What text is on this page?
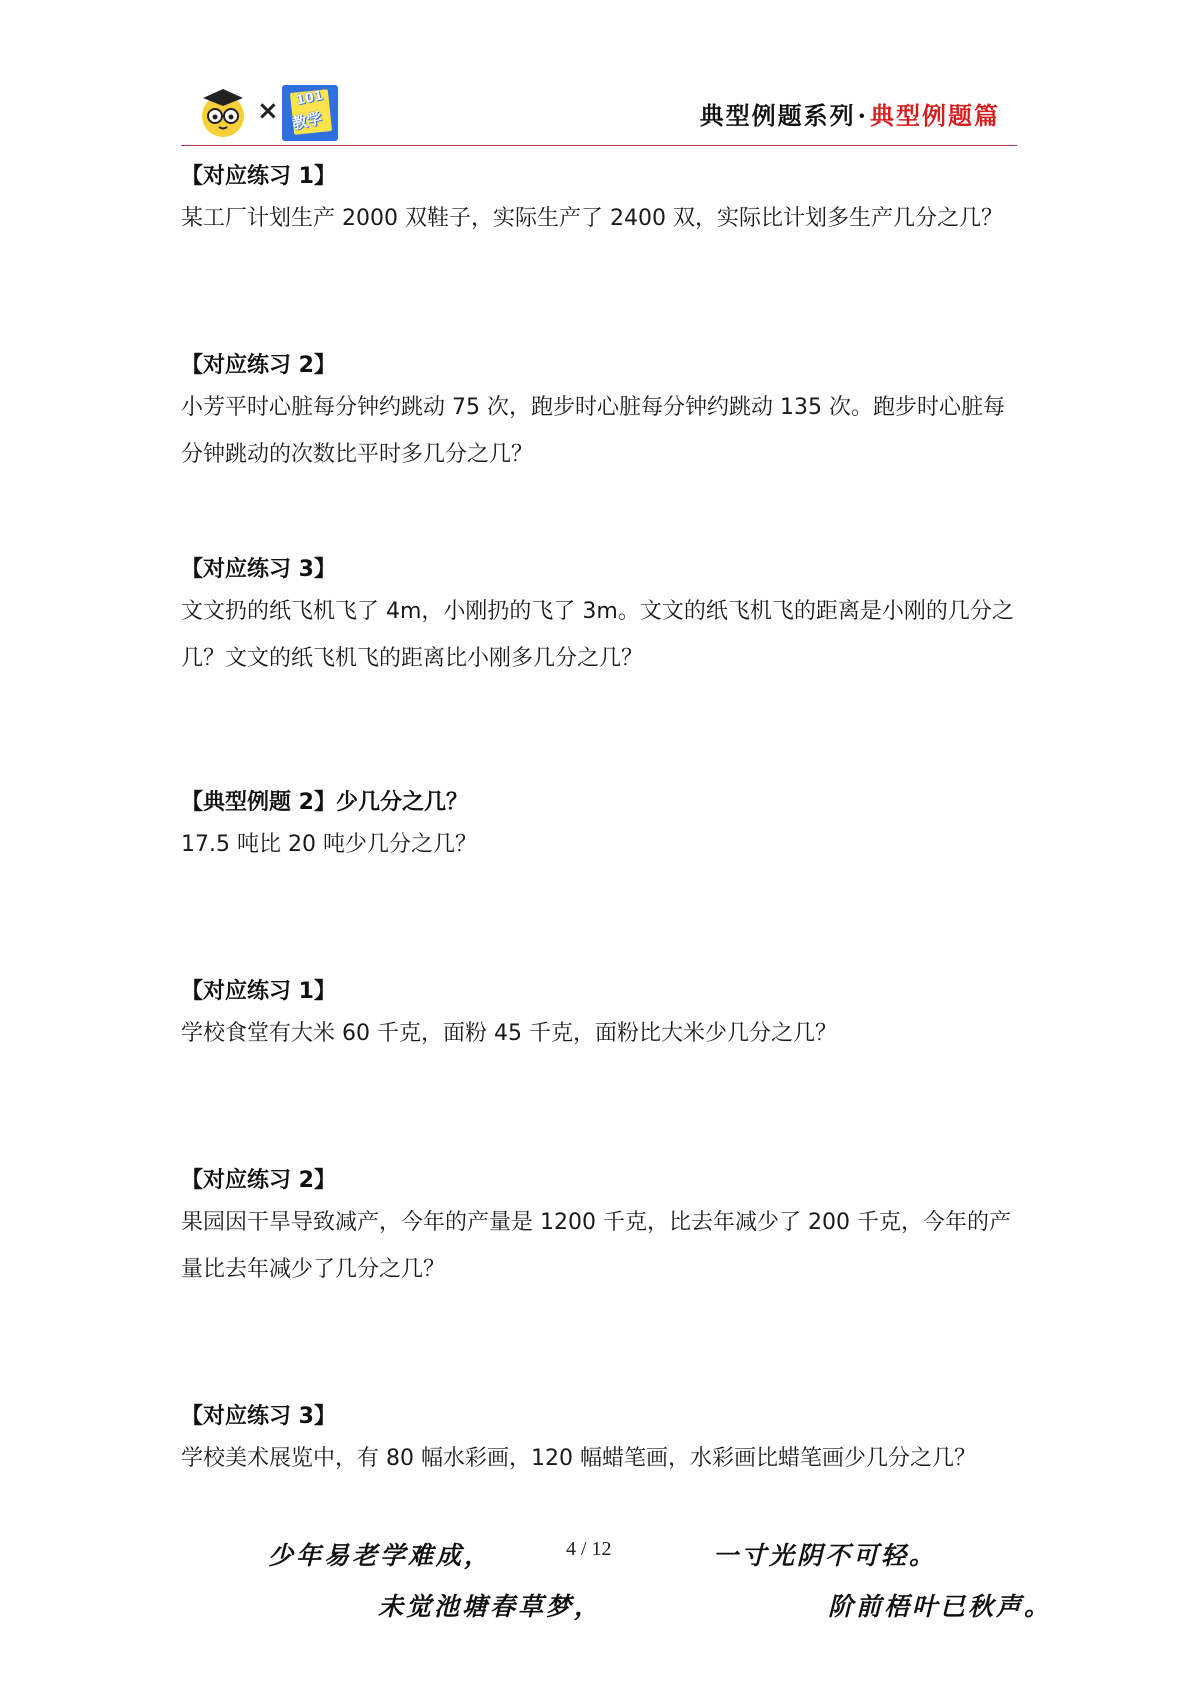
× 101
教学	典型例题系列·典型例题篇
【对应练习 1】
某工厂计划生产 2000 双鞋子，实际生产了 2400 双，实际比计划多生产几分之几？
【对应练习 2】
小芳平时心脏每分钟约跳动 75 次，跑步时心脏每分钟约跳动 135 次。跑步时心脏每分钟跳动的次数比平时多几分之几？
【对应练习 3】
文文扔的纸飞机飞了 4m，小刚扔的飞了 3m。文文的纸飞机飞的距离是小刚的几分之几？文文的纸飞机飞的距离比小刚多几分之几？
【典型例题 2】少几分之几？
17.5 吨比 20 吨少几分之几？
【对应练习 1】
学校食堂有大米 60 千克，面粉 45 千克，面粉比大米少几分之几？
【对应练习 2】
果园因干旱导致减产，今年的产量是 1200 千克，比去年减少了 200 千克，今年的产量比去年减少了几分之几？
【对应练习 3】
学校美术展览中，有 80 幅水彩画，120 幅蜡笔画，水彩画比蜡笔画少几分之几？
少年易老学难成，	4 / 12	一寸光阴不可轻。
未觉池塘春草梦，	阶前梧叶已秋声。
